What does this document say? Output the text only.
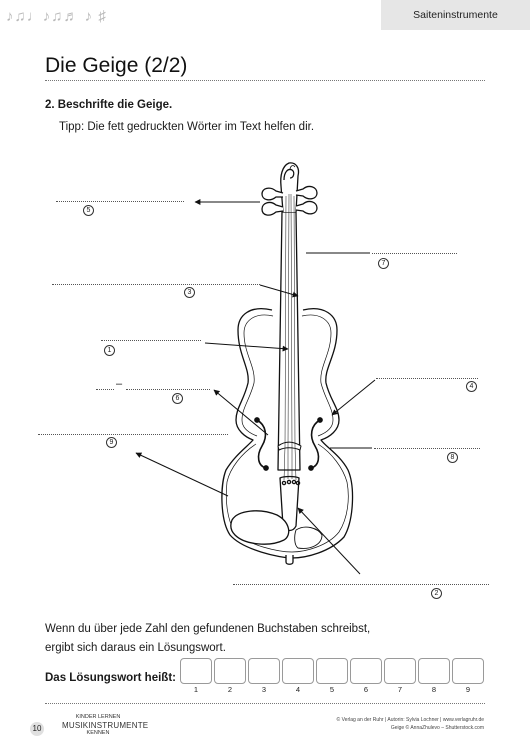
♪♫♩♪♫♬ ♪ ♯	Saiteninstrumente
Die Geige (2/2)
2. Beschrifte die Geige.
Tipp: Die fett gedruckten Wörter im Text helfen dir.
5
7
3
1
4
–
6
9
8
2
Wenn du über jede Zahl den gefundenen Buchstaben schreibst,
ergibt sich daraus ein Lösungswort.
Das Lösungswort heißt:
1	2	3	4	5	6	7	8	9
10
KINDER LERNEN
MUSIKINSTRUMENTE
KENNEN
© Verlag an der Ruhr | Autorin: Sylvia Lochner | www.verlagruhr.de
Geige © AnnaZhulevo – Shutterstock.com
